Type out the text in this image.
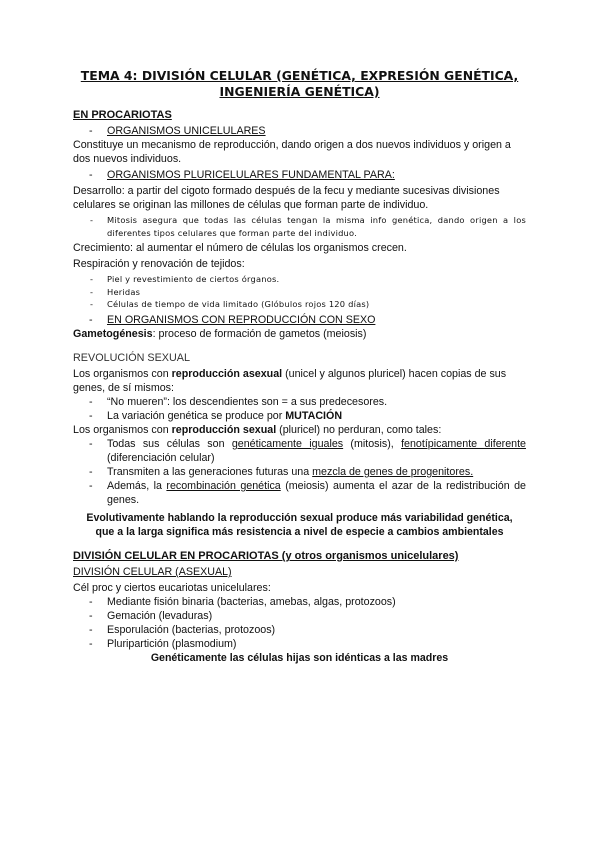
TEMA 4: DIVISIÓN CELULAR (GENÉTICA, EXPRESIÓN GENÉTICA,
INGENIERÍA GENÉTICA)
EN PROCARIOTAS
- ORGANISMOS UNICELULARES

Constituye un mecanismo de reproducción, dando origen a dos nuevos individuos y origen a dos nuevos individuos.

- ORGANISMOS PLURICELULARES FUNDAMENTAL PARA:

Desarrollo: a partir del cigoto formado después de la fecu y mediante sucesivas divisiones celulares se originan las millones de células que forman parte de individuo.

- Mitosis asegura que todas las células tengan la misma info genética, dando origen a los diferentes tipos celulares que forman parte del individuo.

Crecimiento: al aumentar el número de células los organismos crecen.

Respiración y renovación de tejidos:

- Piel y revestimiento de ciertos órganos.
- Heridas
- Células de tiempo de vida limitado (Glóbulos rojos 120 días)
- EN ORGANISMOS CON REPRODUCCIÓN CON SEXO

Gametogénesis: proceso de formación de gametos (meiosis)

REVOLUCIÓN SEXUAL

Los organismos con reproducción asexual (unicel y algunos pluricel) hacen copias de sus genes, de sí mismos:

- “No mueren”: los descendientes son = a sus predecesores.
- La variación genética se produce por MUTACIÓN

Los organismos con reproducción sexual (pluricel) no perduran, como tales:

- Todas sus células son genéticamente iguales (mitosis), fenotípicamente diferente (diferenciación celular)
- Transmiten a las generaciones futuras una mezcla de genes de progenitores.
- Además, la recombinación genética (meiosis) aumenta el azar de la redistribución de genes.
Evolutivamente hablando la reproducción sexual produce más variabilidad genética,
que a la larga significa más resistencia a nivel de especie a cambios ambientales
DIVISIÓN CELULAR EN PROCARIOTAS (y otros organismos unicelulares)

DIVISIÓN CELULAR (ASEXUAL)

Cél proc y ciertos eucariotas unicelulares:

- Mediante fisión binaria (bacterias, amebas, algas, protozoos)
- Gemación (levaduras)
- Esporulación (bacterias, protozoos)
- Pluripartición (plasmodium)
Genéticamente las células hijas son idénticas a las madres
